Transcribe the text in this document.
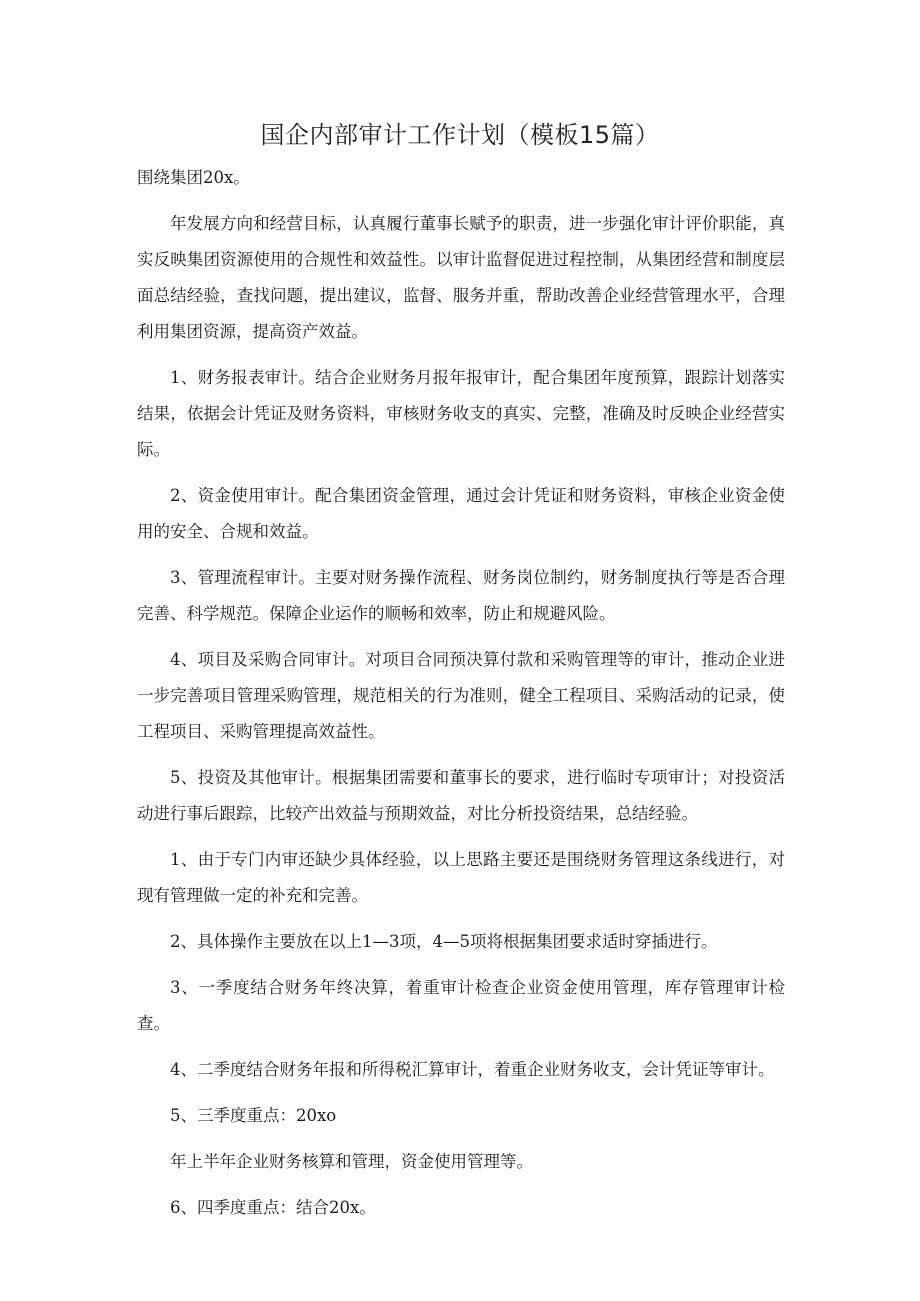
国企内部审计工作计划（模板15篇）

围绕集团20x。

年发展方向和经营目标，认真履行董事长赋予的职责，进一步强化审计评价职能，真实反映集团资源使用的合规性和效益性。以审计监督促进过程控制，从集团经营和制度层面总结经验，查找问题，提出建议，监督、服务并重，帮助改善企业经营管理水平，合理利用集团资源，提高资产效益。

1、财务报表审计。结合企业财务月报年报审计，配合集团年度预算，跟踪计划落实结果，依据会计凭证及财务资料，审核财务收支的真实、完整，准确及时反映企业经营实际。

2、资金使用审计。配合集团资金管理，通过会计凭证和财务资料，审核企业资金使用的安全、合规和效益。

3、管理流程审计。主要对财务操作流程、财务岗位制约，财务制度执行等是否合理完善、科学规范。保障企业运作的顺畅和效率，防止和规避风险。

4、项目及采购合同审计。对项目合同预决算付款和采购管理等的审计，推动企业进一步完善项目管理采购管理，规范相关的行为准则，健全工程项目、采购活动的记录，使工程项目、采购管理提高效益性。

5、投资及其他审计。根据集团需要和董事长的要求，进行临时专项审计；对投资活动进行事后跟踪，比较产出效益与预期效益，对比分析投资结果，总结经验。

1、由于专门内审还缺少具体经验，以上思路主要还是围绕财务管理这条线进行，对现有管理做一定的补充和完善。

2、具体操作主要放在以上1—3项，4—5项将根据集团要求适时穿插进行。

3、一季度结合财务年终决算，着重审计检查企业资金使用管理，库存管理审计检查。

4、二季度结合财务年报和所得税汇算审计，着重企业财务收支，会计凭证等审计。

5、三季度重点：20xo

年上半年企业财务核算和管理，资金使用管理等。

6、四季度重点：结合20x。
